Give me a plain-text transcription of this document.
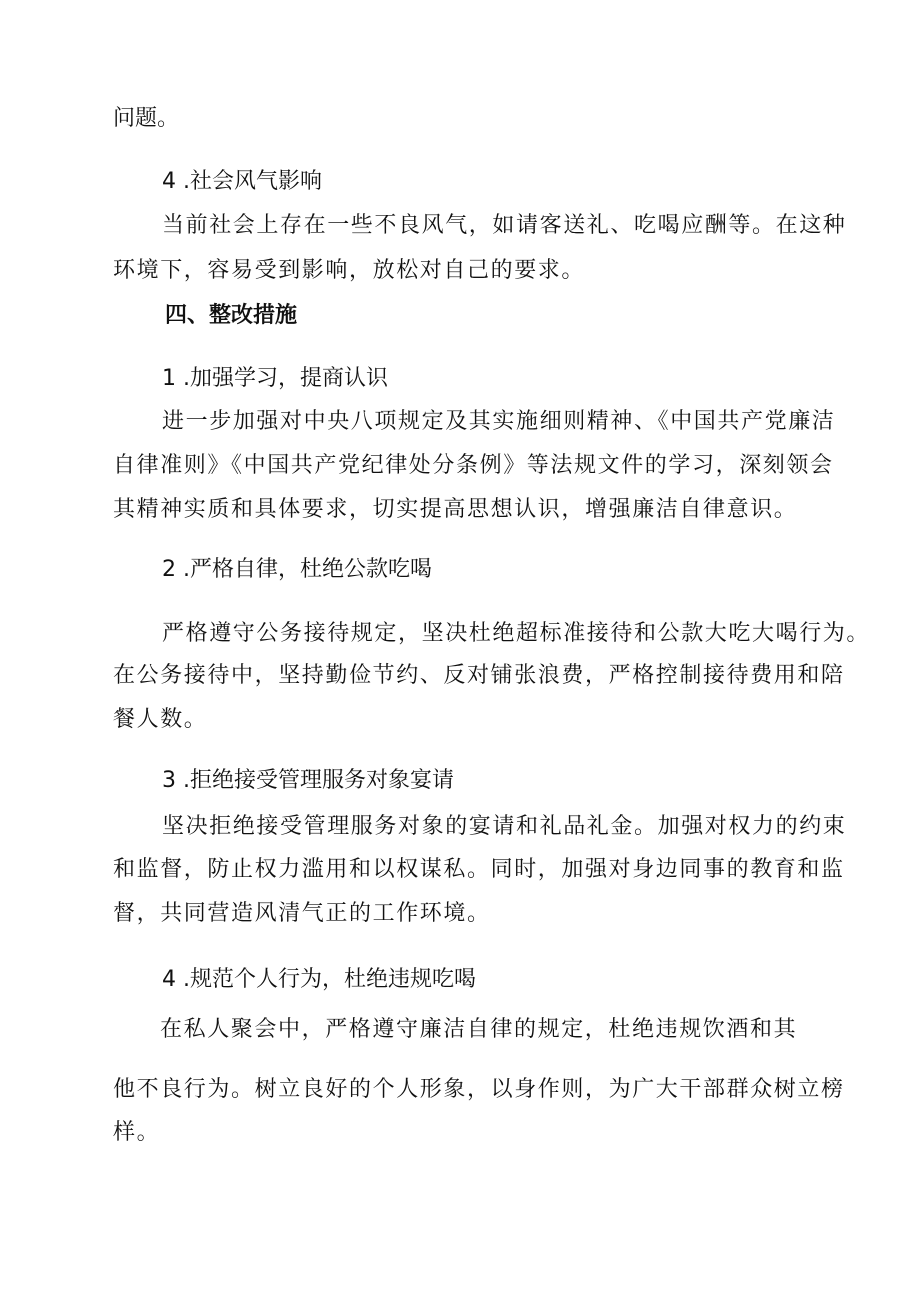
问题。
4 .社会风气影响
当前社会上存在一些不良风气，如请客送礼、吃喝应酬等。在这种
环境下，容易受到影响，放松对自己的要求。
四、整改措施
1 .加强学习，提商认识
进一步加强对中央八项规定及其实施细则精神、《中国共产党廉洁
自律准则》《中国共产党纪律处分条例》等法规文件的学习，深刻领会
其精神实质和具体要求，切实提高思想认识，增强廉洁自律意识。
2 .严格自律，杜绝公款吃喝
严格遵守公务接待规定，坚决杜绝超标准接待和公款大吃大喝行为。
在公务接待中，坚持勤俭节约、反对铺张浪费，严格控制接待费用和陪
餐人数。
3 .拒绝接受管理服务对象宴请
坚决拒绝接受管理服务对象的宴请和礼品礼金。加强对权力的约束
和监督，防止权力滥用和以权谋私。同时，加强对身边同事的教育和监
督，共同营造风清气正的工作环境。
4 .规范个人行为，杜绝违规吃喝
在私人聚会中，严格遵守廉洁自律的规定，杜绝违规饮酒和其
他不良行为。树立良好的个人形象，以身作则，为广大干部群众树立榜
样。
